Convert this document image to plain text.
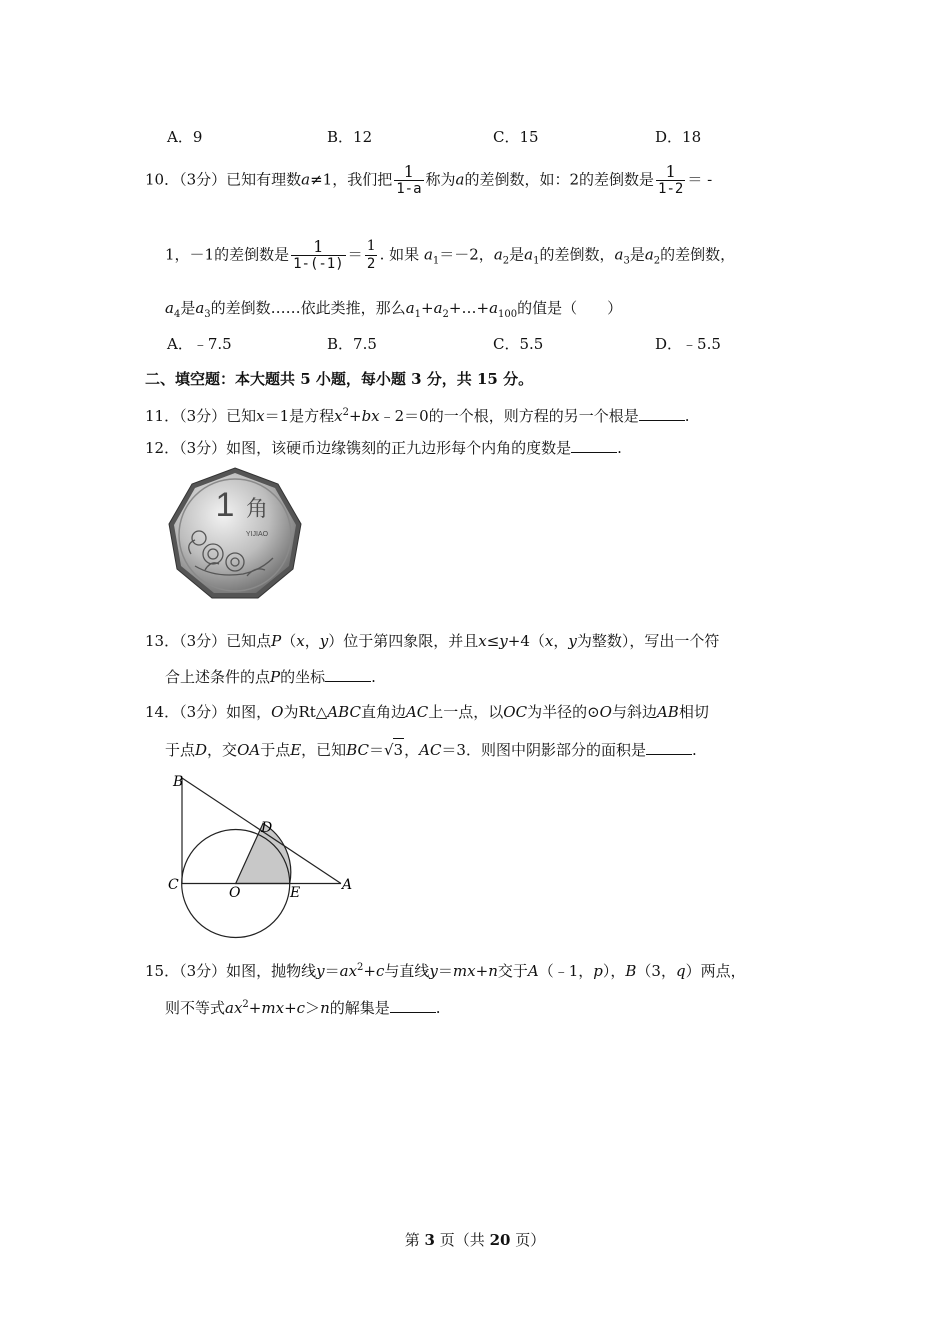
A．9	B．12	C．15	D．18
10．（3分）已知有理数a≠1，我们把 $\frac{1}{1-a}$ 称为a的差倒数，如：2的差倒数是 $\frac{1}{1-2}$ ＝ -
1，－1的差倒数是 $\frac{1}{1-(-1)} = \frac{1}{2}$ . 如果 $a_1=-2$，$a_2$是$a_1$的差倒数，$a_3$是$a_2$的差倒数，
$a_4$是$a_3$的差倒数……依此类推，那么$a_1+a_2+\dots+a_{100}$的值是（　　）
A．﹣7.5	B．7.5	C．5.5	D．﹣5.5
二、填空题：本大题共 5 小题，每小题 3 分，共 15 分。
11．（3分）已知x＝1是方程$x^2+bx﹣2=0$的一个根，则方程的另一个根是	.
12．（3分）如图，该硬币边缘镌刻的正九边形每个内角的度数是	.
1 角
YIJIAO
13．（3分）已知点P（x，y）位于第四象限，并且x≤y+4（x，y为整数），写出一个符
合上述条件的点P的坐标	.
14．（3分）如图，O为Rt△ABC直角边AC上一点，以OC为半径的⊙O与斜边AB相切
于点D，交OA于点E，已知BC＝√3，AC＝3．则图中阴影部分的面积是	.
B
D
C	O	E	A
15．（3分）如图，抛物线$y=ax^2+c$与直线y＝mx+n交于A（﹣1，p），B（3，q）两点，
则不等式$ax^2+mx+c>n$的解集是	.
第 3 页（共 20 页）
